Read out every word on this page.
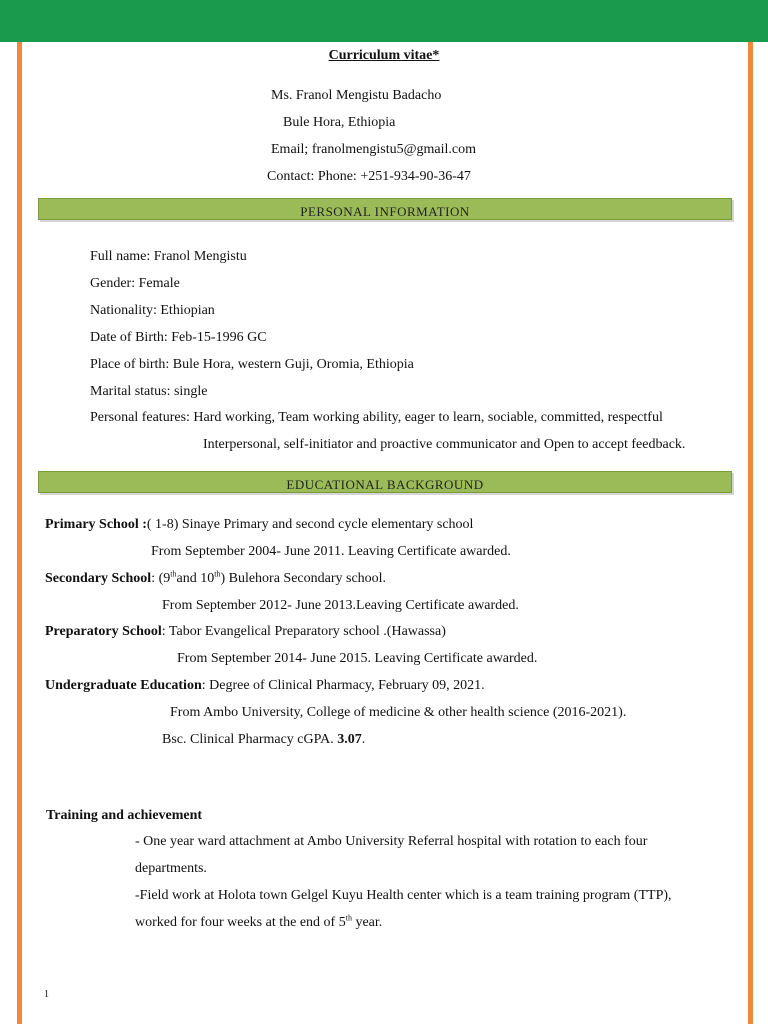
Curriculum vitae*
Ms. Franol Mengistu Badacho
Bule Hora, Ethiopia
Email; franolmengistu5@gmail.com
Contact: Phone: +251-934-90-36-47
PERSONAL INFORMATION
Full name: Franol Mengistu
Gender: Female
Nationality: Ethiopian
Date of Birth: Feb-15-1996 GC
Place of birth: Bule Hora, western Guji, Oromia, Ethiopia
Marital status: single
Personal features: Hard working, Team working ability, eager to learn, sociable, committed, respectful
Interpersonal, self-initiator and proactive communicator and Open to accept feedback.
EDUCATIONAL BACKGROUND
Primary School :( 1-8) Sinaye Primary and second cycle elementary school
From September 2004- June 2011. Leaving Certificate awarded.
Secondary School: (9thand 10th) Bulehora Secondary school.
From September 2012- June 2013.Leaving Certificate awarded.
Preparatory School: Tabor Evangelical Preparatory school .(Hawassa)
From September 2014- June 2015. Leaving Certificate awarded.
Undergraduate Education: Degree of Clinical Pharmacy, February 09, 2021.
From Ambo University, College of medicine & other health science (2016-2021).
Bsc. Clinical Pharmacy cGPA. 3.07.
Training and achievement
- One year ward attachment at Ambo University Referral hospital with rotation to each four
departments.
-Field work at Holota town Gelgel Kuyu Health center which is a team training program (TTP),
worked for four weeks at the end of 5th year.
1
